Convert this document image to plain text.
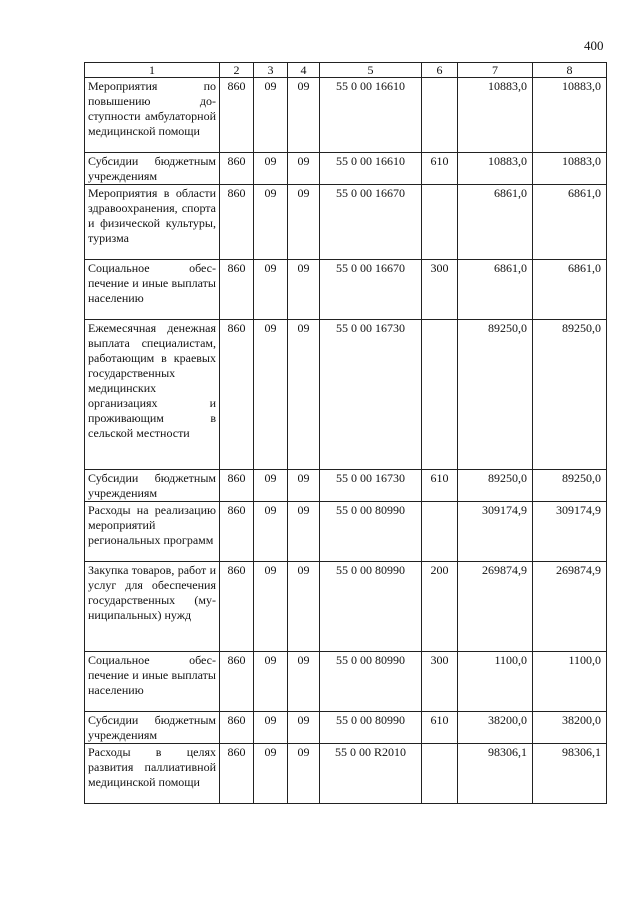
400
1	2	3	4	5	6	7	8
Мероприятия по повышению доступности амбулаторной медицинской помощи	860	09	09	55 0 00 16610		10883,0	10883,0
Субсидии бюджетным учреждениям	860	09	09	55 0 00 16610	610	10883,0	10883,0
Мероприятия в области здравоохранения, спорта и физической культуры, туризма	860	09	09	55 0 00 16670		6861,0	6861,0
Социальное обеспечение и иные выплаты населению	860	09	09	55 0 00 16670	300	6861,0	6861,0
Ежемесячная денежная выплата специалистам, работающим в краевых государственных медицинских организациях и проживающим в сельской местности	860	09	09	55 0 00 16730		89250,0	89250,0
Субсидии бюджетным учреждениям	860	09	09	55 0 00 16730	610	89250,0	89250,0
Расходы на реализацию мероприятий региональных программ	860	09	09	55 0 00 80990		309174,9	309174,9
Закупка товаров, работ и услуг для обеспечения государственных (муниципальных) нужд	860	09	09	55 0 00 80990	200	269874,9	269874,9
Социальное обеспечение и иные выплаты населению	860	09	09	55 0 00 80990	300	1100,0	1100,0
Субсидии бюджетным учреждениям	860	09	09	55 0 00 80990	610	38200,0	38200,0
Расходы в целях развития паллиативной медицинской помощи	860	09	09	55 0 00 R2010		98306,1	98306,1
